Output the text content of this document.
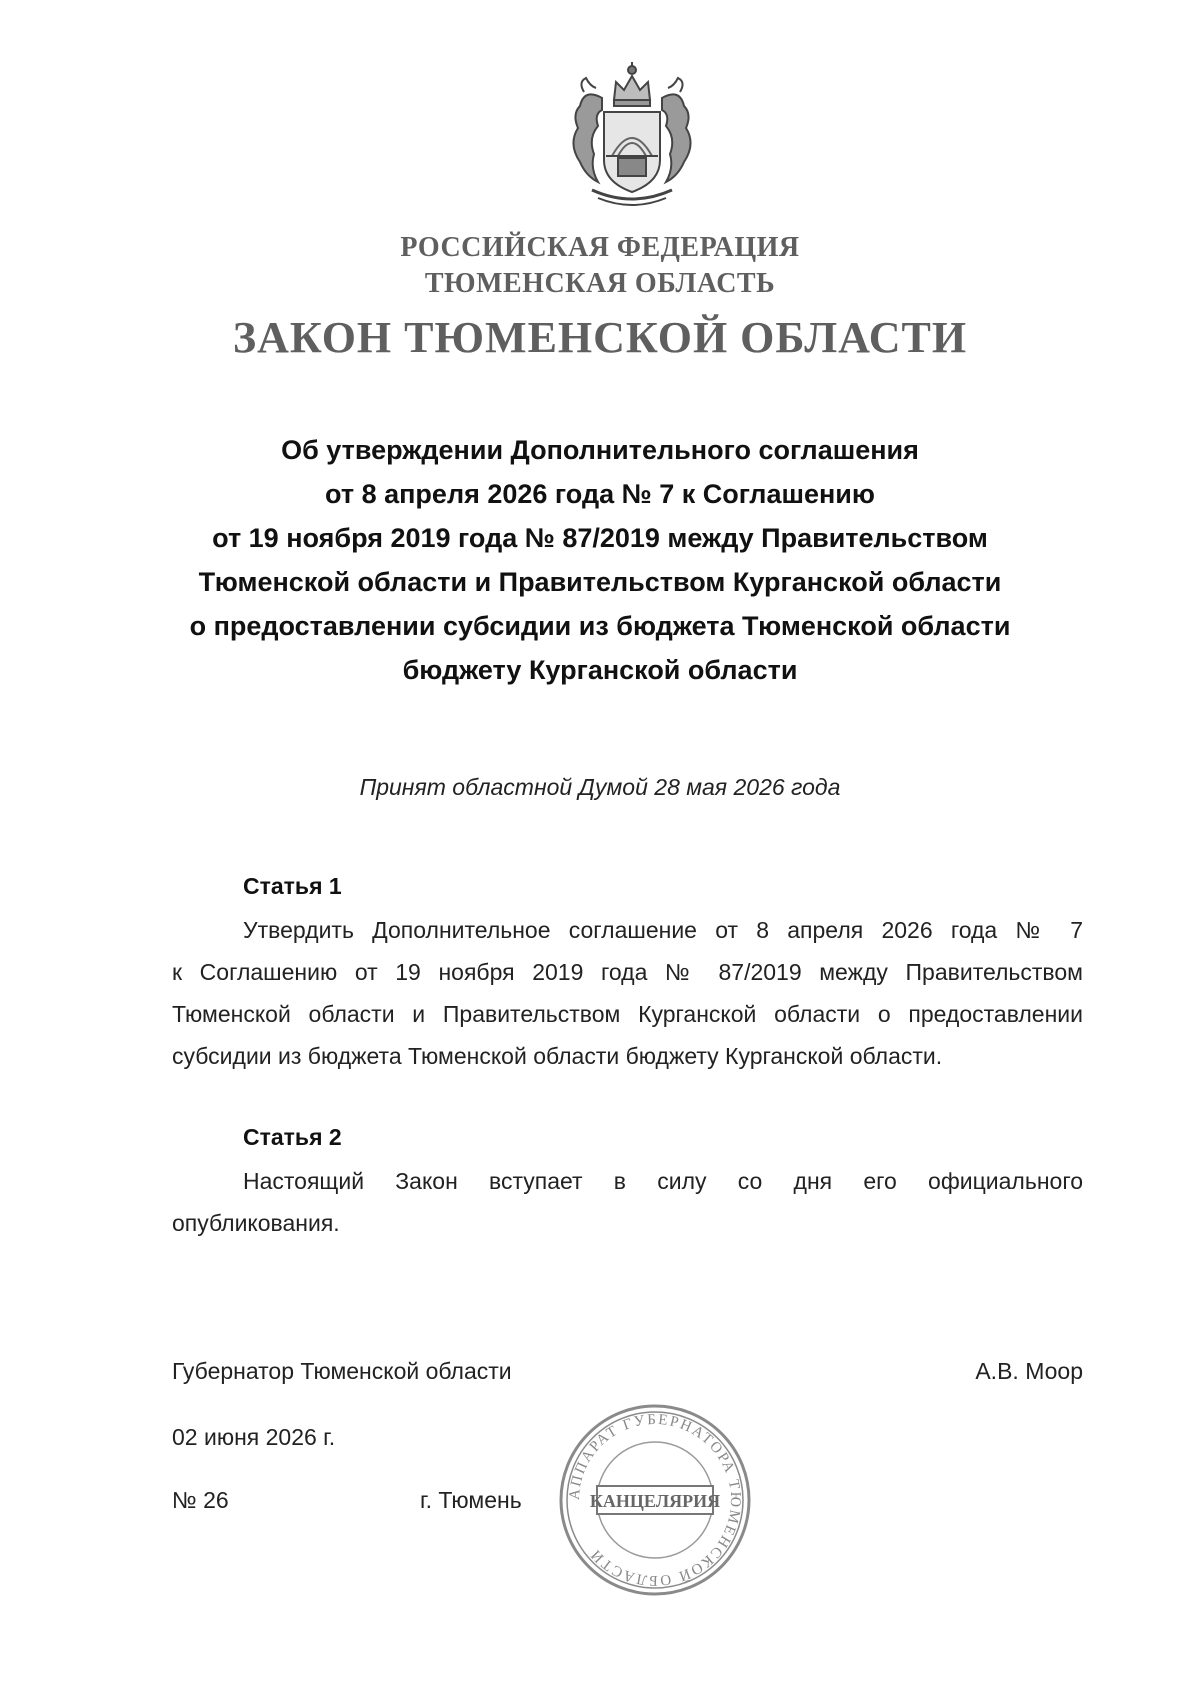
РОССИЙСКАЯ ФЕДЕРАЦИЯ
ТЮМЕНСКАЯ ОБЛАСТЬ
ЗАКОН ТЮМЕНСКОЙ ОБЛАСТИ
Об утверждении Дополнительного соглашения
от 8 апреля 2026 года № 7 к Соглашению
от 19 ноября 2019 года № 87/2019 между Правительством
Тюменской области и Правительством Курганской области
о предоставлении субсидии из бюджета Тюменской области
бюджету Курганской области
Принят областной Думой 28 мая 2026 года
Статья 1
Утвердить Дополнительное соглашение от 8 апреля 2026 года № 7
к Соглашению от 19 ноября 2019 года № 87/2019 между Правительством
Тюменской области и Правительством Курганской области о предоставлении
субсидии из бюджета Тюменской области бюджету Курганской области.
Статья 2
Настоящий Закон вступает в силу со дня его официального
опубликования.
Губернатор Тюменской области	А.В. Моор
02 июня 2026 г.
№ 26	г. Тюмень	АППАРАТ ГУБЕРНАТОРА ТЮМЕНСКОЙ ОБЛАСТИ
КАНЦЕЛЯРИЯ
